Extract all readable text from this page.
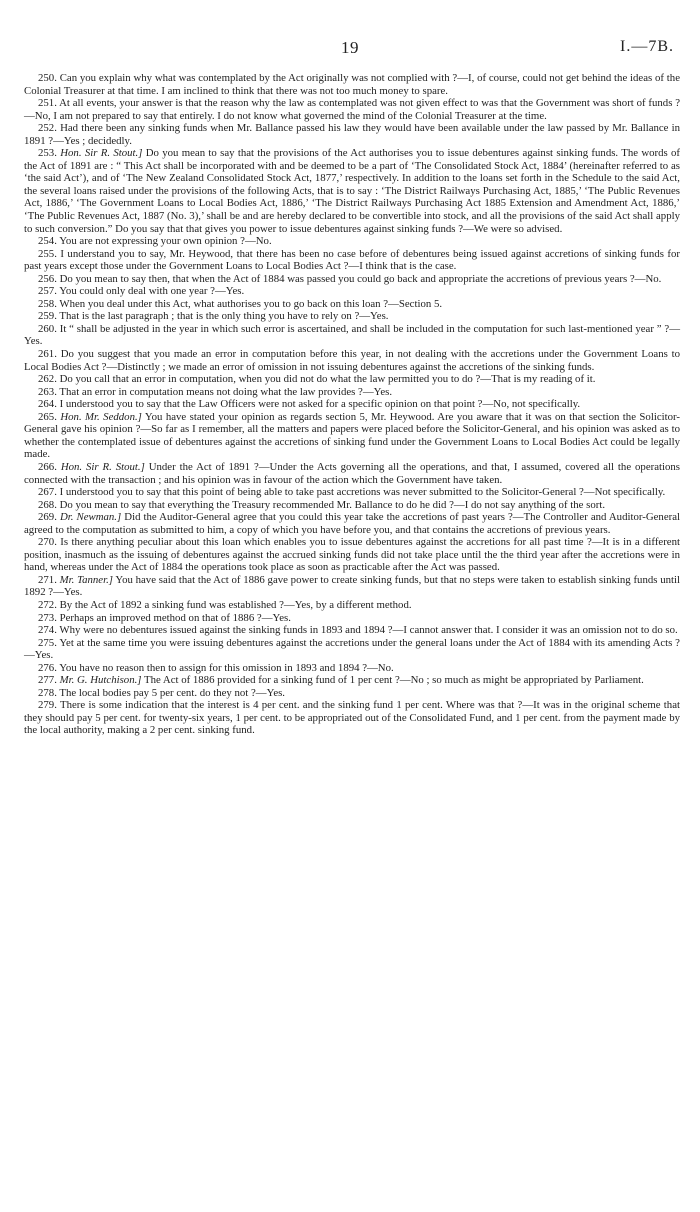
19	I.—7B.

250. Can you explain why what was contemplated by the Act originally was not complied with ?—I, of course, could not get behind the ideas of the Colonial Treasurer at that time. I am inclined to think that there was not too much money to spare.

251. At all events, your answer is that the reason why the law as contemplated was not given effect to was that the Government was short of funds ?—No, I am not prepared to say that entirely. I do not know what governed the mind of the Colonial Treasurer at the time.

252. Had there been any sinking funds when Mr. Ballance passed his law they would have been available under the law passed by Mr. Ballance in 1891 ?—Yes ; decidedly.

253. Hon. Sir R. Stout.] Do you mean to say that the provisions of the Act authorises you to issue debentures against sinking funds. The words of the Act of 1891 are : “ This Act shall be incorporated with and be deemed to be a part of ‘The Consolidated Stock Act, 1884’ (hereinafter referred to as ‘the said Act’), and of ‘The New Zealand Consolidated Stock Act, 1877,’ respectively. In addition to the loans set forth in the Schedule to the said Act, the several loans raised under the provisions of the following Acts, that is to say : ‘The District Railways Purchasing Act, 1885,’ ‘The Public Revenues Act, 1886,’ ‘The Government Loans to Local Bodies Act, 1886,’ ‘The District Railways Purchasing Act 1885 Extension and Amendment Act, 1886,’ ‘The Public Revenues Act, 1887 (No. 3),’ shall be and are hereby declared to be convertible into stock, and all the provisions of the said Act shall apply to such conversion.” Do you say that that gives you power to issue debentures against sinking funds ?—We were so advised.

254. You are not expressing your own opinion ?—No.

255. I understand you to say, Mr. Heywood, that there has been no case before of debentures being issued against accretions of sinking funds for past years except those under the Government Loans to Local Bodies Act ?—I think that is the case.

256. Do you mean to say then, that when the Act of 1884 was passed you could go back and appropriate the accretions of previous years ?—No.

257. You could only deal with one year ?—Yes.

258. When you deal under this Act, what authorises you to go back on this loan ?—Section 5.

259. That is the last paragraph ; that is the only thing you have to rely on ?—Yes.

260. It “ shall be adjusted in the year in which such error is ascertained, and shall be included in the computation for such last-mentioned year ” ?—Yes.

261. Do you suggest that you made an error in computation before this year, in not dealing with the accretions under the Government Loans to Local Bodies Act ?—Distinctly ; we made an error of omission in not issuing debentures against the accretions of the sinking funds.

262. Do you call that an error in computation, when you did not do what the law permitted you to do ?—That is my reading of it.

263. That an error in computation means not doing what the law provides ?—Yes.

264. I understood you to say that the Law Officers were not asked for a specific opinion on that point ?—No, not specifically.

265. Hon. Mr. Seddon.] You have stated your opinion as regards section 5, Mr. Heywood. Are you aware that it was on that section the Solicitor-General gave his opinion ?—So far as I remember, all the matters and papers were placed before the Solicitor-General, and his opinion was asked as to whether the contemplated issue of debentures against the accretions of sinking fund under the Government Loans to Local Bodies Act could be legally made.

266. Hon. Sir R. Stout.] Under the Act of 1891 ?—Under the Acts governing all the operations, and that, I assumed, covered all the operations connected with the transaction ; and his opinion was in favour of the action which the Government have taken.

267. I understood you to say that this point of being able to take past accretions was never submitted to the Solicitor-General ?—Not specifically.

268. Do you mean to say that everything the Treasury recommended Mr. Ballance to do he did ?—I do not say anything of the sort.

269. Dr. Newman.] Did the Auditor-General agree that you could this year take the accretions of past years ?—The Controller and Auditor-General agreed to the computation as submitted to him, a copy of which you have before you, and that contains the accretions of previous years.

270. Is there anything peculiar about this loan which enables you to issue debentures against the accretions for all past time ?—It is in a different position, inasmuch as the issuing of debentures against the accrued sinking funds did not take place until the the third year after the accretions were in hand, whereas under the Act of 1884 the operations took place as soon as practicable after the Act was passed.

271. Mr. Tanner.] You have said that the Act of 1886 gave power to create sinking funds, but that no steps were taken to establish sinking funds until 1892 ?—Yes.

272. By the Act of 1892 a sinking fund was established ?—Yes, by a different method.

273. Perhaps an improved method on that of 1886 ?—Yes.

274. Why were no debentures issued against the sinking funds in 1893 and 1894 ?—I cannot answer that. I consider it was an omission not to do so.

275. Yet at the same time you were issuing debentures against the accretions under the general loans under the Act of 1884 with its amending Acts ?—Yes.

276. You have no reason then to assign for this omission in 1893 and 1894 ?—No.

277. Mr. G. Hutchison.] The Act of 1886 provided for a sinking fund of 1 per cent ?—No ; so much as might be appropriated by Parliament.

278. The local bodies pay 5 per cent. do they not ?—Yes.

279. There is some indication that the interest is 4 per cent. and the sinking fund 1 per cent. Where was that ?—It was in the original scheme that they should pay 5 per cent. for twenty-six years, 1 per cent. to be appropriated out of the Consolidated Fund, and 1 per cent. from the payment made by the local authority, making a 2 per cent. sinking fund.
